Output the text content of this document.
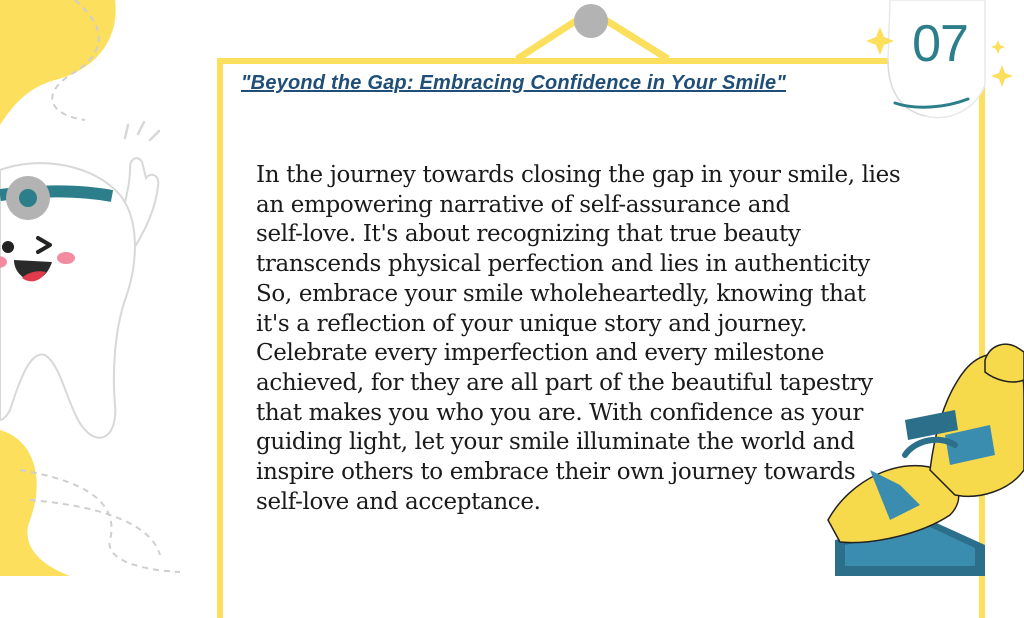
07
"Beyond the Gap: Embracing Confidence in Your Smile"

In the journey towards closing the gap in your smile, lies
an empowering narrative of self-assurance and
self-love. It's about recognizing that true beauty
transcends physical perfection and lies in authenticity
So, embrace your smile wholeheartedly, knowing that
it's a reflection of your unique story and journey.
Celebrate every imperfection and every milestone
achieved, for they are all part of the beautiful tapestry
that makes you who you are. With confidence as your
guiding light, let your smile illuminate the world and
inspire others to embrace their own journey towards
self-love and acceptance.
